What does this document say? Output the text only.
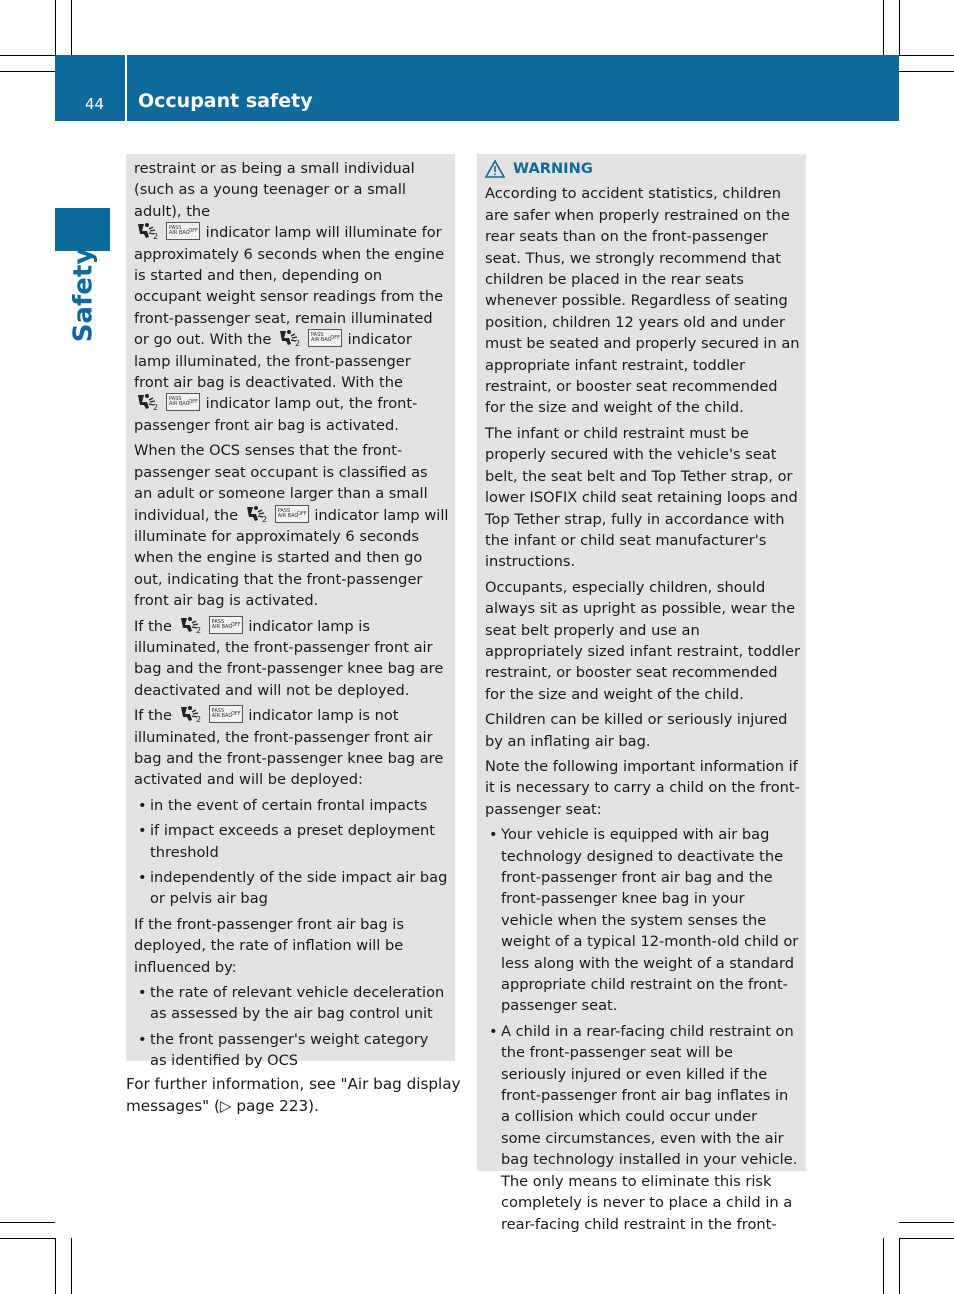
44 Occupant safety
Safety

restraint or as being a small individual (such as a young teenager or a small adult), the

2
PASS
AIR BAG
OFF indicator lamp will illuminate for approximately 6 seconds when the engine is started and then, depending on occupant weight sensor readings from the front-passenger seat, remain illuminated or go out. With the	2
PASS
AIR BAG
OFF indicator lamp illuminated, the front-passenger front air bag is deactivated. With the
2
PASS
AIR BAG
OFF indicator lamp out, the front-passenger front air bag is activated.

When the OCS senses that the front-passenger seat occupant is classified as an adult or someone larger than a small individual, the	2
PASS
AIR BAG
OFF indicator lamp will illuminate for approximately 6 seconds when the engine is started and then go out, indicating that the front-passenger front air bag is activated.

If the	2
PASS
AIR BAG
OFF indicator lamp is illuminated, the front-passenger front air bag and the front-passenger knee bag are deactivated and will not be deployed.

If the	2
PASS
AIR BAG
OFF indicator lamp is not illuminated, the front-passenger front air bag and the front-passenger knee bag are activated and will be deployed:

• in the event of certain frontal impacts
• if impact exceeds a preset deployment threshold
• independently of the side impact air bag or pelvis air bag

If the front-passenger front air bag is deployed, the rate of inflation will be influenced by:

• the rate of relevant vehicle deceleration as assessed by the air bag control unit
• the front passenger's weight category as identified by OCS
For further information, see "Air bag display messages" (▷ page 223).
WARNING

According to accident statistics, children are safer when properly restrained on the rear seats than on the front-passenger seat. Thus, we strongly recommend that children be placed in the rear seats whenever possible. Regardless of seating position, children 12 years old and under must be seated and properly secured in an appropriate infant restraint, toddler restraint, or booster seat recommended for the size and weight of the child.

The infant or child restraint must be properly secured with the vehicle's seat belt, the seat belt and Top Tether strap, or lower ISOFIX child seat retaining loops and Top Tether strap, fully in accordance with the infant or child seat manufacturer's instructions.

Occupants, especially children, should always sit as upright as possible, wear the seat belt properly and use an appropriately sized infant restraint, toddler restraint, or booster seat recommended for the size and weight of the child.

Children can be killed or seriously injured by an inflating air bag.

Note the following important information if it is necessary to carry a child on the front-passenger seat:

• Your vehicle is equipped with air bag technology designed to deactivate the front-passenger front air bag and the front-passenger knee bag in your vehicle when the system senses the weight of a typical 12-month-old child or less along with the weight of a standard appropriate child restraint on the front-passenger seat.
• A child in a rear-facing child restraint on the front-passenger seat will be seriously injured or even killed if the front-passenger front air bag inflates in a collision which could occur under some circumstances, even with the air bag technology installed in your vehicle. The only means to eliminate this risk completely is never to place a child in a rear-facing child restraint in the front-
